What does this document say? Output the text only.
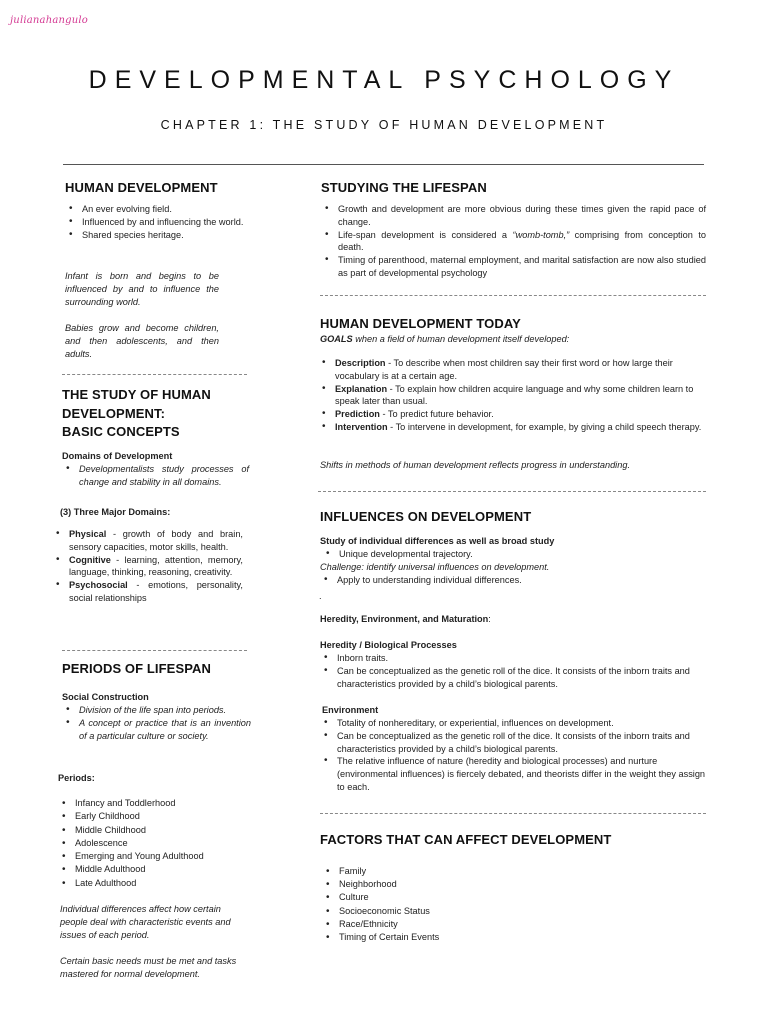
julianahangulo
DEVELOPMENTAL PSYCHOLOGY
CHAPTER 1: THE STUDY OF HUMAN DEVELOPMENT
HUMAN DEVELOPMENT
• An ever evolving field.
• Influenced by and influencing the world.
• Shared species heritage.
Infant is born and begins to be influenced by and to influence the surrounding world.
Babies grow and become children, and then adolescents, and then adults.
THE STUDY OF HUMAN
DEVELOPMENT:
BASIC CONCEPTS
Domains of Development
• Developmentalists study processes of change and stability in all domains.
(3) Three Major Domains:
• Physical - growth of body and brain, sensory capacities, motor skills, health.
• Cognitive - learning, attention, memory, language, thinking, reasoning, creativity.
• Psychosocial - emotions, personality, social relationships
PERIODS OF LIFESPAN
Social Construction
• Division of the life span into periods.
• A concept or practice that is an invention of a particular culture or society.
Periods:
• Infancy and Toddlerhood
• Early Childhood
• Middle Childhood
• Adolescence
• Emerging and Young Adulthood
• Middle Adulthood
• Late Adulthood
Individual differences affect how certain people deal with characteristic events and issues of each period.
Certain basic needs must be met and tasks mastered for normal development.
STUDYING THE LIFESPAN
• Growth and development are more obvious during these times given the rapid pace of change.
• Life-span development is considered a “womb-tomb,” comprising from conception to death.
• Timing of parenthood, maternal employment, and marital satisfaction are now also studied as part of developmental psychology
HUMAN DEVELOPMENT TODAY
GOALS when a field of human development itself developed:
• Description - To describe when most children say their first word or how large their vocabulary is at a certain age.
• Explanation - To explain how children acquire language and why some children learn to speak later than usual.
• Prediction - To predict future behavior.
• Intervention - To intervene in development, for example, by giving a child speech therapy.
Shifts in methods of human development reflects progress in understanding.
INFLUENCES ON DEVELOPMENT
Study of individual differences as well as broad study
• Unique developmental trajectory.
Challenge: identify universal influences on development.
• Apply to understanding individual differences.
.
Heredity, Environment, and Maturation:
Heredity / Biological Processes
• Inborn traits.
• Can be conceptualized as the genetic roll of the dice. It consists of the inborn traits and characteristics provided by a child’s biological parents.
Environment
• Totality of nonhereditary, or experiential, influences on development.
• Can be conceptualized as the genetic roll of the dice. It consists of the inborn traits and characteristics provided by a child’s biological parents.
• The relative influence of nature (heredity and biological processes) and nurture (environmental influences) is fiercely debated, and theorists differ in the weight they assign to each.
FACTORS THAT CAN AFFECT DEVELOPMENT
• Family
• Neighborhood
• Culture
• Socioeconomic Status
• Race/Ethnicity
• Timing of Certain Events
